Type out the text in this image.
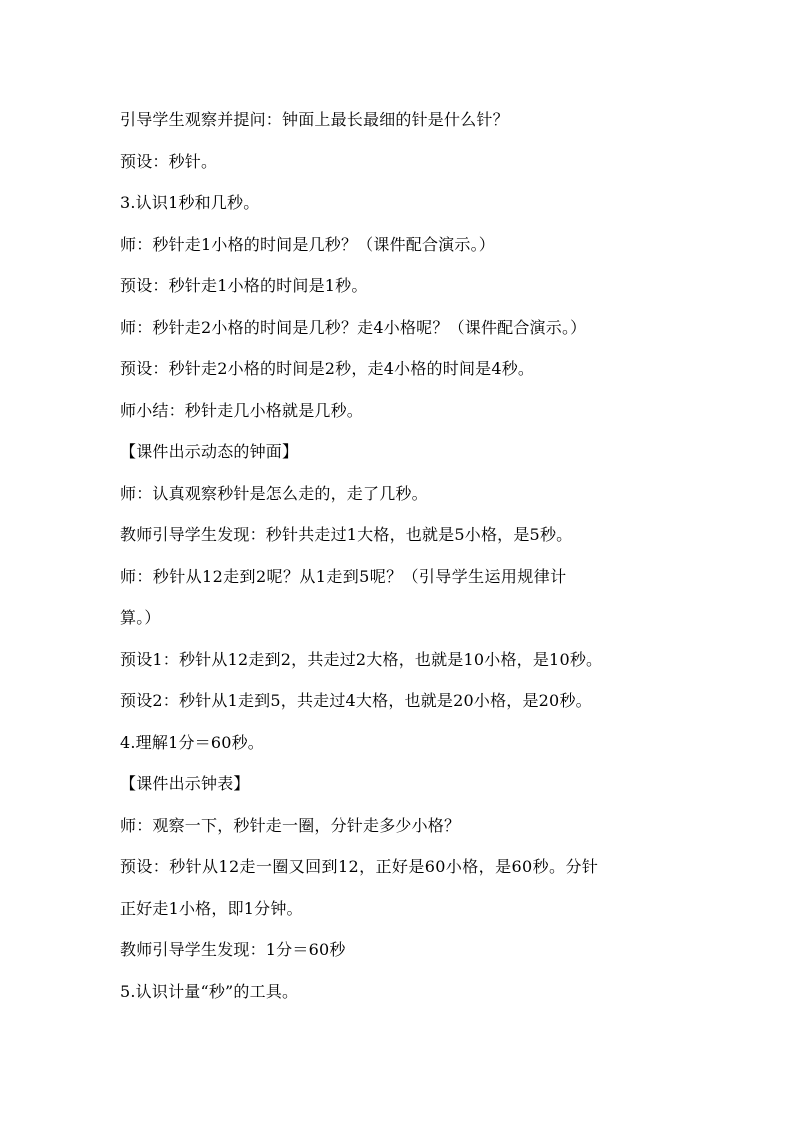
引导学生观察并提问：钟面上最长最细的针是什么针？
预设：秒针。
3.认识1秒和几秒。
师：秒针走1小格的时间是几秒？（课件配合演示。）
预设：秒针走1小格的时间是1秒。
师：秒针走2小格的时间是几秒？走4小格呢？（课件配合演示。）
预设：秒针走2小格的时间是2秒，走4小格的时间是4秒。
师小结：秒针走几小格就是几秒。
【课件出示动态的钟面】
师：认真观察秒针是怎么走的，走了几秒。
教师引导学生发现：秒针共走过1大格，也就是5小格，是5秒。
师：秒针从12走到2呢？从1走到5呢？（引导学生运用规律计
算。）
预设1：秒针从12走到2，共走过2大格，也就是10小格，是10秒。
预设2：秒针从1走到5，共走过4大格，也就是20小格，是20秒。
4.理解1分＝60秒。
【课件出示钟表】
师：观察一下，秒针走一圈，分针走多少小格？
预设：秒针从12走一圈又回到12，正好是60小格，是60秒。分针
正好走1小格，即1分钟。
教师引导学生发现：1分＝60秒
5.认识计量“秒”的工具。
